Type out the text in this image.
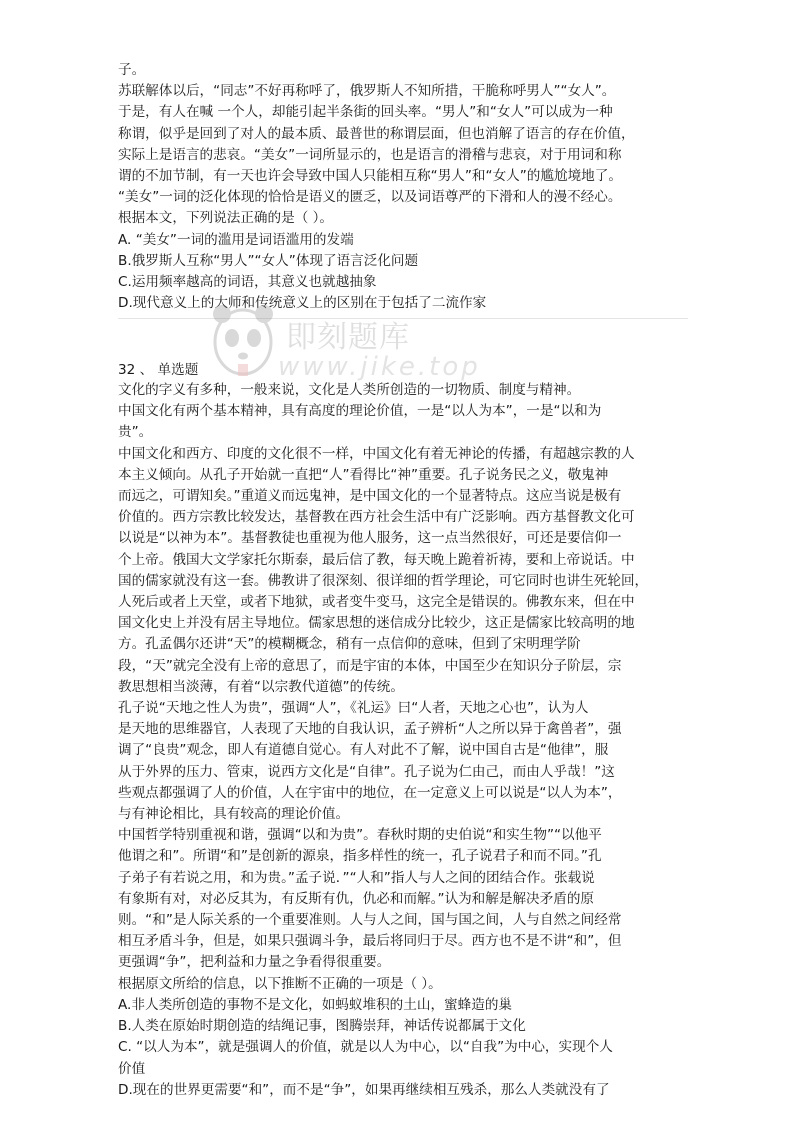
子。

苏联解体以后，“同志”不好再称呼了，俄罗斯人不知所措，干脆称呼男人”“女人”。

于是，有人在喊 一个人，却能引起半条街的回头率。“男人”和“女人”可以成为一种

称谓，似乎是回到了对人的最本质、最普世的称谓层面，但也消解了语言的存在价值，

实际上是语言的悲哀。“美女”一词所显示的，也是语言的滑稽与悲哀，对于用词和称

谓的不加节制，有一天也许会导致中国人只能相互称“男人”和“女人”的尴尬境地了。

“美女”一词的泛化体现的恰恰是语义的匮乏，以及词语尊严的下滑和人的漫不经心。

根据本文，下列说法正确的是（ ）。

A. “美女”一词的滥用是词语滥用的发端

B.俄罗斯人互称“男人”“女人”体现了语言泛化问题

C.运用频率越高的词语，其意义也就越抽象

D.现代意义上的大师和传统意义上的区别在于包括了二流作家

32 、 单选题

文化的字义有多种，一般来说，文化是人类所创造的一切物质、制度与精神。

中国文化有两个基本精神，具有高度的理论价值，一是“以人为本”，一是“以和为

贵”。

中国文化和西方、印度的文化很不一样，中国文化有着无神论的传播，有超越宗教的人

本主义倾向。从孔子开始就一直把“人”看得比“神”重要。孔子说务民之义，敬鬼神

而远之，可谓知矣。”重道义而远鬼神，是中国文化的一个显著特点。这应当说是极有

价值的。西方宗教比较发达，基督教在西方社会生活中有广泛影响。西方基督教文化可

以说是“以神为本”。基督教徒也重视为他人服务，这一点当然很好，可还是要信仰一

个上帝。俄国大文学家托尔斯泰，最后信了教，每天晚上跪着祈祷，要和上帝说话。中

国的儒家就没有这一套。佛教讲了很深刻、很详细的哲学理论，可它同时也讲生死轮回，

人死后或者上天堂，或者下地狱，或者变牛变马，这完全是错误的。佛教东来，但在中

国文化史上并没有居主导地位。儒家思想的迷信成分比较少，这正是儒家比较高明的地

方。孔孟偶尔还讲“天”的模糊概念，稍有一点信仰的意味，但到了宋明理学阶

段，“天”就完全没有上帝的意思了，而是宇宙的本体，中国至少在知识分子阶层，宗

教思想相当淡薄，有着“以宗教代道德”的传统。

孔子说“天地之性人为贵”，强调“人”，《礼运》曰“人者，天地之心也”，认为人

是天地的思维器官，人表现了天地的自我认识，孟子辨析“人之所以异于禽兽者”，强

调了“良贵”观念，即人有道德自觉心。有人对此不了解，说中国自古是“他律”，服

从于外界的压力、管束，说西方文化是“自律”。孔子说为仁由己，而由人乎哉！”这

些观点都强调了人的价值，人在宇宙中的地位，在一定意义上可以说是“以人为本”，

与有神论相比，具有较高的理论价值。

中国哲学特别重视和谐，强调“以和为贵”。春秋时期的史伯说“和实生物”“以他平

他谓之和”。所谓“和”是创新的源泉，指多样性的统一，孔子说君子和而不同。”孔

子弟子有若说之用，和为贵。”孟子说．”“人和”指人与人之间的团结合作。张载说

有象斯有对，对必反其为，有反斯有仇，仇必和而解。”认为和解是解决矛盾的原

则。“和”是人际关系的一个重要准则。人与人之间，国与国之间，人与自然之间经常

相互矛盾斗争，但是，如果只强调斗争，最后将同归于尽。西方也不是不讲“和”，但

更强调“争”，把利益和力量之争看得很重要。

根据原文所给的信息，以下推断不正确的一项是（ ）。

A.非人类所创造的事物不是文化，如蚂蚁堆积的土山，蜜蜂造的巢

B.人类在原始时期创造的结绳记事，图腾崇拜，神话传说都属于文化

C. “以人为本”，就是强调人的价值，就是以人为中心，以“自我”为中心，实现个人

价值

D.现在的世界更需要“和”，而不是“争”，如果再继续相互残杀，那么人类就没有了

即刻题库
www.jike.top
